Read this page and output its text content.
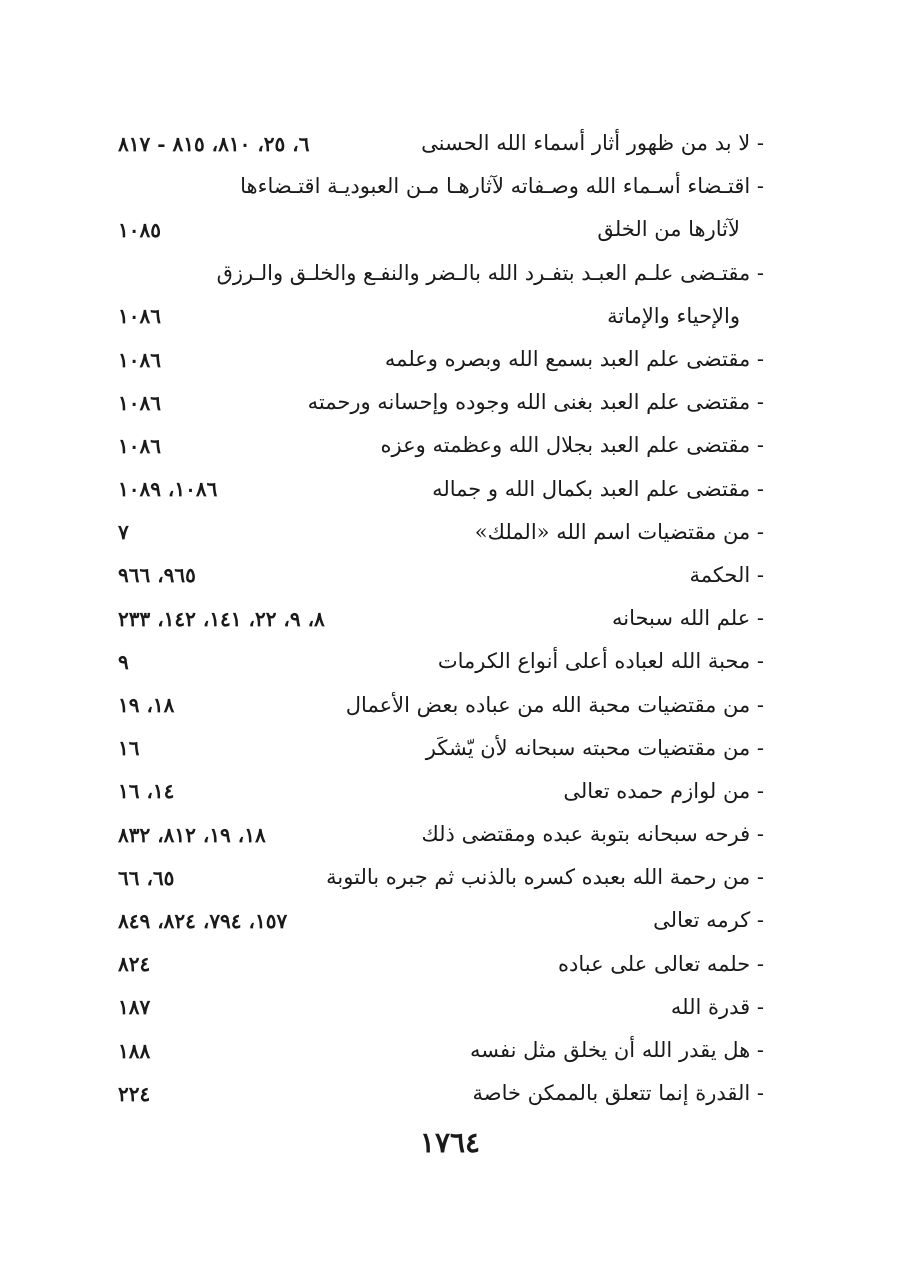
- لا بد من ظهور أثار أسماء الله الحسنى
٦، ٢٥، ٨١٠، ٨١٥ - ٨١٧
- اقتـضاء أسـماء الله وصـفاته لآثارهـا مـن العبوديـة اقتـضاءها
لآثارها من الخلق
١٠٨٥
- مقتـضى علـم العبـد بتفـرد الله بالـضر والنفـع والخلـق والـرزق
والإحياء والإماتة
١٠٨٦
- مقتضى علم العبد بسمع الله وبصره وعلمه
١٠٨٦
- مقتضى علم العبد بغنى الله وجوده وإحسانه ورحمته
١٠٨٦
- مقتضى علم العبد بجلال الله وعظمته وعزه
١٠٨٦
- مقتضى علم العبد بكمال الله و جماله
١٠٨٦، ١٠٨٩
- من مقتضيات اسم الله «الملك»
٧
- الحكمة
٩٦٥، ٩٦٦
- علم الله سبحانه
٨، ٩، ٢٢، ١٤١، ١٤٢، ٢٣٣
- محبة الله لعباده أعلى أنواع الكرمات
٩
- من مقتضيات محبة الله من عباده بعض الأعمال
١٨، ١٩
- من مقتضيات محبته سبحانه لأن يّشكَر
١٦
- من لوازم حمده تعالى
١٤، ١٦
- فرحه سبحانه بتوبة عبده ومقتضى ذلك
١٨، ١٩، ٨١٢، ٨٣٢
- من رحمة الله بعبده كسره بالذنب ثم جبره بالتوبة
٦٥، ٦٦
- كرمه تعالى
١٥٧، ٧٩٤، ٨٢٤، ٨٤٩
- حلمه تعالى على عباده
٨٢٤
- قدرة الله
١٨٧
- هل يقدر الله أن يخلق مثل نفسه
١٨٨
- القدرة إنما تتعلق بالممكن خاصة
٢٢٤
١٧٦٤
